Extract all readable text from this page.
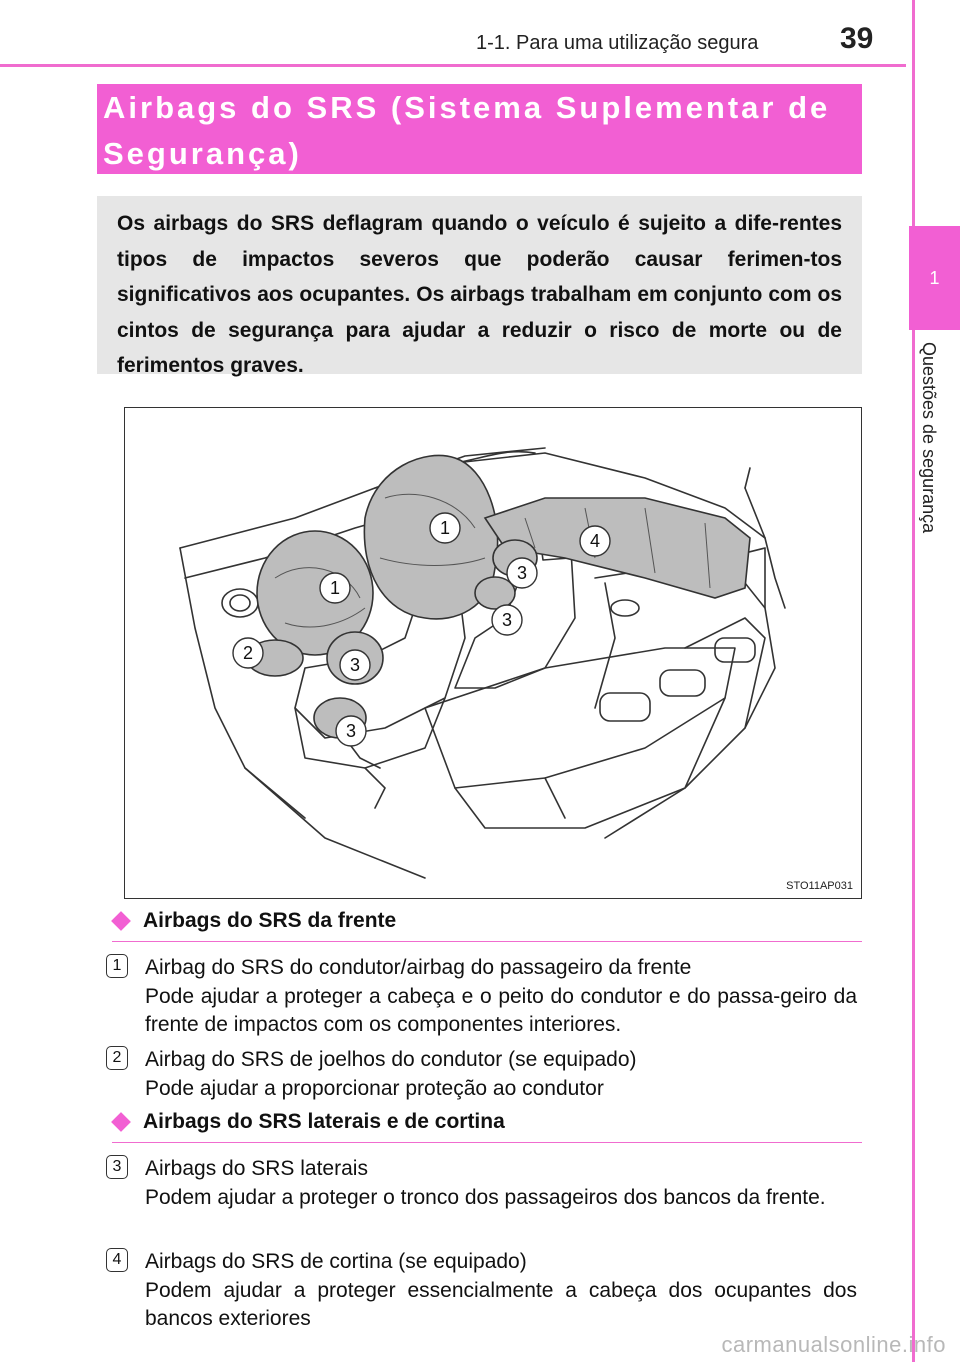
1-1. Para uma utilização segura	39
1
Questões de segurança
Airbags do SRS (Sistema Suplementar de
Segurança)
Os airbags do SRS deflagram quando o veículo é sujeito a dife-rentes tipos de impactos severos que poderão causar ferimen-tos significativos aos ocupantes. Os airbags trabalham em conjunto com os cintos de segurança para ajudar a reduzir o risco de morte ou de ferimentos graves.
1
1
4
3
3
2
3
3
STO11AP031
Airbags do SRS da frente
1	Airbag do SRS do condutor/airbag do passageiro da frente
Pode ajudar a proteger a cabeça e o peito do condutor e do passa-geiro da frente de impactos com os componentes interiores.
2	Airbag do SRS de joelhos do condutor (se equipado)
Pode ajudar a proporcionar proteção ao condutor
Airbags do SRS laterais e de cortina
3	Airbags do SRS laterais
Podem ajudar a proteger o tronco dos passageiros dos bancos da frente.
4	Airbags do SRS de cortina (se equipado)
Podem ajudar a proteger essencialmente a cabeça dos ocupantes dos bancos exteriores
carmanualsonline.info
